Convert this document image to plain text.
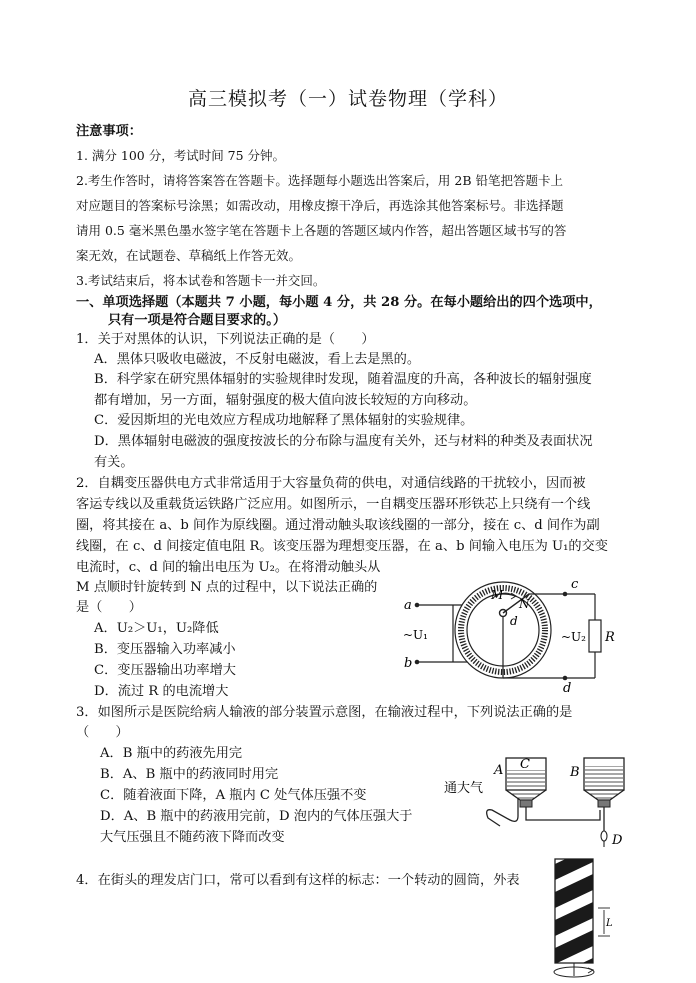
高三模拟考（一）试卷物理（学科）
注意事项：
1. 满分 100 分，考试时间 75 分钟。
2.考生作答时，请将答案答在答题卡。选择题每小题选出答案后，用 2B 铅笔把答题卡上
对应题目的答案标号涂黑；如需改动，用橡皮擦干净后，再选涂其他答案标号。非选择题
请用 0.5 毫米黑色墨水签字笔在答题卡上各题的答题区域内作答，超出答题区域书写的答
案无效，在试题卷、草稿纸上作答无效。
3.考试结束后，将本试卷和答题卡一并交回。
一、单项选择题（本题共 7 小题，每小题 4 分，共 28 分。在每小题给出的四个选项中，
只有一项是符合题目要求的。）
1．关于对黑体的认识，下列说法正确的是（　　）
A．黑体只吸收电磁波，不反射电磁波，看上去是黑的。
B．科学家在研究黑体辐射的实验规律时发现，随着温度的升高，各种波长的辐射强度
都有增加，另一方面，辐射强度的极大值向波长较短的方向移动。
C．爱因斯坦的光电效应方程成功地解释了黑体辐射的实验规律。
D．黑体辐射电磁波的强度按波长的分布除与温度有关外，还与材料的种类及表面状况
有关。
2．自耦变压器供电方式非常适用于大容量负荷的供电，对通信线路的干扰较小，因而被
客运专线以及重载货运铁路广泛应用。如图所示，一自耦变压器环形铁芯上只绕有一个线
圈，将其接在 a、b 间作为原线圈。通过滑动触头取该线圈的一部分，接在 c、d 间作为副
线圈，在 c、d 间接定值电阻 R。该变压器为理想变压器，在 a、b 间输入电压为 U₁的交变
电流时，c、d 间的输出电压为 U₂。在将滑动触头从
M 点顺时针旋转到 N 点的过程中，以下说法正确的
是（　　）
A．U₂＞U₁，U₂降低
B．变压器输入功率减小
C．变压器输出功率增大
D．流过 R 的电流增大
a
b
~U₁
M
N
d
c
d
~U₂ R
3．如图所示是医院给病人输液的部分装置示意图，在输液过程中，下列说法正确的是
（　　）
A．B 瓶中的药液先用完
B．A、B 瓶中的药液同时用完
C．随着液面下降，A 瓶内 C 处气体压强不变
D．A、B 瓶中的药液用完前，D 泡内的气体压强大于
大气压强且不随药液下降而改变
通大气
A C
B
D
4．在街头的理发店门口，常可以看到有这样的标志：一个转动的圆筒，外表
L
